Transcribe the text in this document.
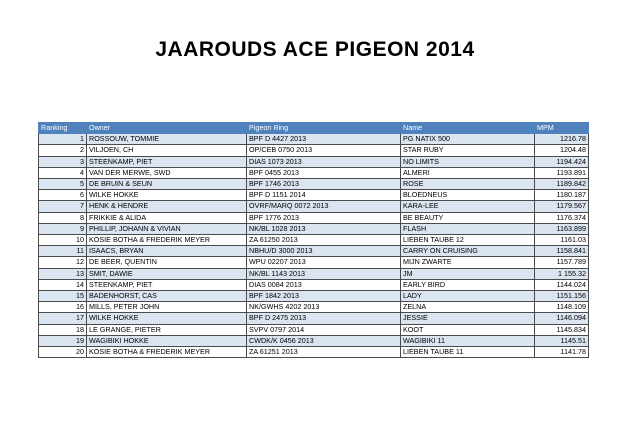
JAAROUDS ACE PIGEON 2014
Ranking	Owner	Pigeon Ring	Name	MPM
1	ROSSOUW, TOMMIE	BPF D 4427 2013	PG NATIX 500	1216.78
2	VILJOEN, CH	OP/CEB 0750 2013	STAR RUBY	1204.48
3	STEENKAMP, PIET	DIAS 1073 2013	NO LIMITS	1194.424
4	VAN DER MERWE, SWD	BPF 0455 2013	ALMERI	1193.891
5	DE BRUIN & SEUN	BPF 1746 2013	ROSE	1189.842
6	WILKE HOKKE	BPF D 1151 2014	BLOEDNEUS	1180.187
7	HENK & HENDRE	OVRF/MARQ 0072 2013	KARA-LEE	1179.567
8	FRIKKIE & ALIDA	BPF 1776 2013	BE BEAUTY	1176.374
9	PHILLIP, JOHANN & VIVIAN	NK/BL 1028 2013	FLASH	1163.899
10	KOSIE BOTHA & FREDERIK MEYER	ZA 61250 2013	LIEBEN TAUBE 12	1161.03
11	ISAACS, BRYAN	NBHU/D 3000 2013	CARRY ON CRUISING	1158.841
12	DE BEER, QUENTIN	WPU 02207 2013	MIJN ZWARTE	1157.789
13	SMIT, DAWIE	NK/BL 1143 2013	JM	1 155.32
14	STEENKAMP, PIET	DIAS 0084 2013	EARLY BIRD	1144.024
15	BADENHORST, CAS	BPF 1842 2013	LADY	1151.156
16	MILLS, PETER JOHN	NK/GWHS 4202 2013	ZELNA	1148.109
17	WILKE HOKKE	BPF D 2475 2013	JESSIE	1146.094
18	LE GRANGE, PIETER	SVPV 0797 2014	KOOT	1145.834
19	WAGIBIKI HOKKE	CWDK/K 0456 2013	WAGIBIKI 11	1145.51
20	KOSIE BOTHA & FREDERIK MEYER	ZA 61251 2013	LIEBEN TAUBE 11	1141.78
